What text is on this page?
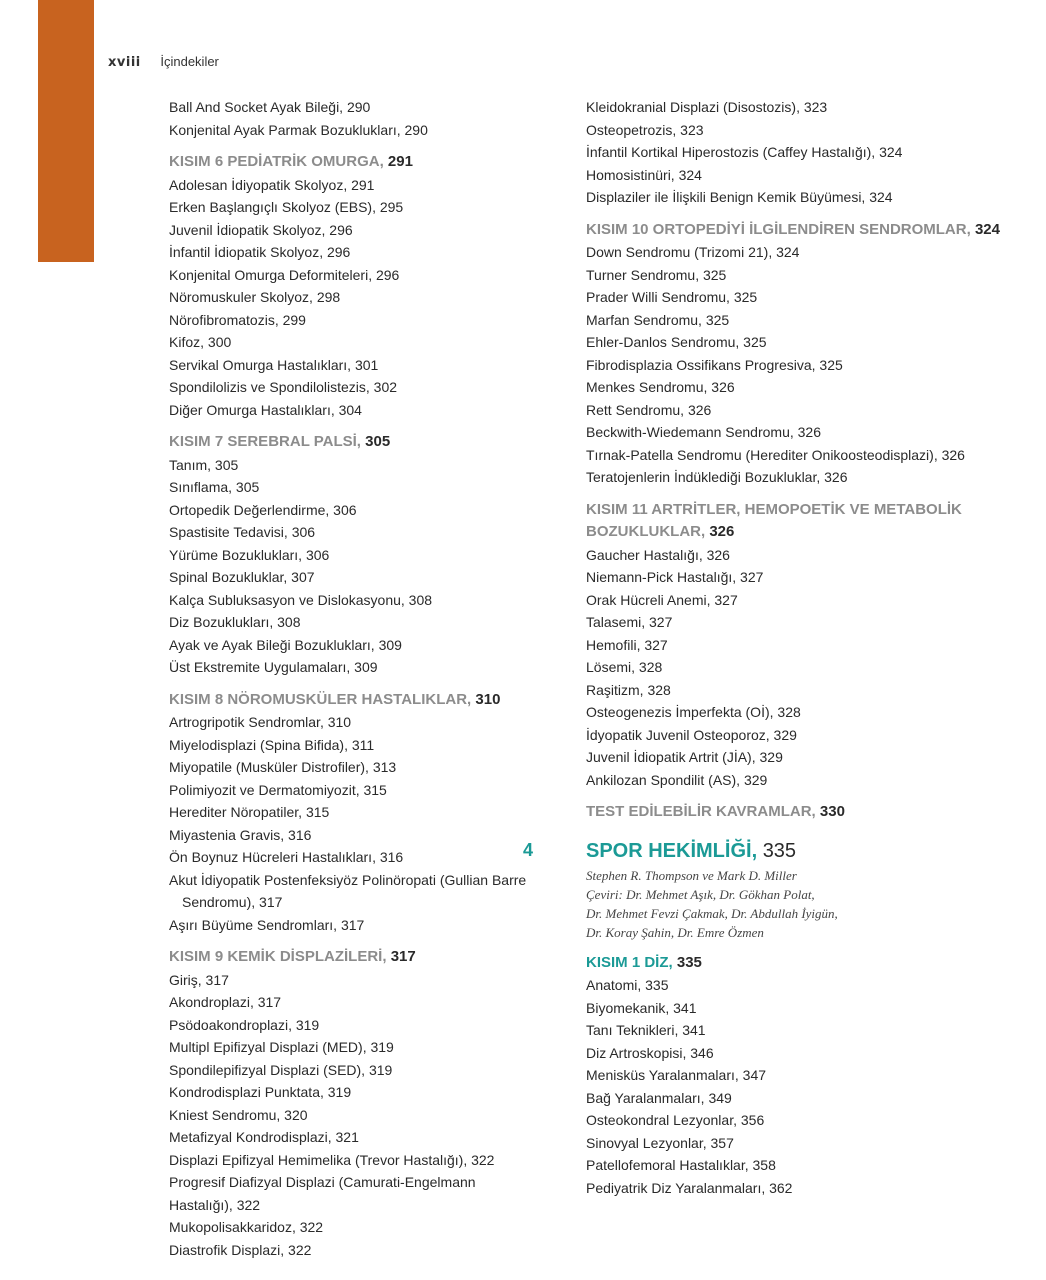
xviii İçindekiler
Ball And Socket Ayak Bileği, 290
Konjenital Ayak Parmak Bozuklukları, 290
KISIM 6 PEDİATRİK OMURGA, 291
Adolesan İdiyopatik Skolyoz, 291
Erken Başlangıçlı Skolyoz (EBS), 295
Juvenil İdiopatik Skolyoz, 296
İnfantil İdiopatik Skolyoz, 296
Konjenital Omurga Deformiteleri, 296
Nöromuskuler Skolyoz, 298
Nörofibromatozis, 299
Kifoz, 300
Servikal Omurga Hastalıkları, 301
Spondilolizis ve Spondilolistezis, 302
Diğer Omurga Hastalıkları, 304
KISIM 7 SEREBRAL PALSİ, 305
Tanım, 305
Sınıflama, 305
Ortopedik Değerlendirme, 306
Spastisite Tedavisi, 306
Yürüme Bozuklukları, 306
Spinal Bozukluklar, 307
Kalça Subluksasyon ve Dislokasyonu, 308
Diz Bozuklukları, 308
Ayak ve Ayak Bileği Bozuklukları, 309
Üst Ekstremite Uygulamaları, 309
KISIM 8 NÖROMUSKÜLER HASTALIKLAR, 310
Artrogripotik Sendromlar, 310
Miyelodisplazi (Spina Bifida), 311
Miyopatile (Musküler Distrofiler), 313
Polimiyozit ve Dermatomiyozit, 315
Herediter Nöropatiler, 315
Miyastenia Gravis, 316
Ön Boynuz Hücreleri Hastalıkları, 316
Akut İdiyopatik Postenfeksiyöz Polinöropati (Gullian Barre Sendromu), 317
Aşırı Büyüme Sendromları, 317
KISIM 9 KEMİK DİSPLAZİLERİ, 317
Giriş, 317
Akondroplazi, 317
Psödoakondroplazi, 319
Multipl Epifizyal Displazi (MED), 319
Spondilepifizyal Displazi (SED), 319
Kondrodisplazi Punktata, 319
Kniest Sendromu, 320
Metafizyal Kondrodisplazi, 321
Displazi Epifizyal Hemimelika (Trevor Hastalığı), 322
Progresif Diafizyal Displazi (Camurati-Engelmann
Hastalığı), 322
Mukopolisakkaridoz, 322
Diastrofik Displazi, 322
Kleidokranial Displazi (Disostozis), 323
Osteopetrozis, 323
İnfantil Kortikal Hiperostozis (Caffey Hastalığı), 324
Homosistinüri, 324
Displaziler ile İlişkili Benign Kemik Büyümesi, 324
KISIM 10 ORTOPEDİYİ İLGİLENDİREN SENDROMLAR, 324
Down Sendromu (Trizomi 21), 324
Turner Sendromu, 325
Prader Willi Sendromu, 325
Marfan Sendromu, 325
Ehler-Danlos Sendromu, 325
Fibrodisplazia Ossifikans Progresiva, 325
Menkes Sendromu, 326
Rett Sendromu, 326
Beckwith-Wiedemann Sendromu, 326
Tırnak-Patella Sendromu (Herediter Onikoosteodisplazi), 326
Teratojenlerin İndüklediği Bozukluklar, 326
KISIM 11 ARTRİTLER, HEMOPOETİK VE METABOLİK BOZUKLUKLAR, 326
Gaucher Hastalığı, 326
Niemann-Pick Hastalığı, 327
Orak Hücreli Anemi, 327
Talasemi, 327
Hemofili, 327
Lösemi, 328
Raşitizm, 328
Osteogenezis İmperfekta (Oİ), 328
İdyopatik Juvenil Osteoporoz, 329
Juvenil İdiopatik Artrit (JİA), 329
Ankilozan Spondilit (AS), 329
TEST EDİLEBİLİR KAVRAMLAR, 330
4	SPOR HEKİMLİĞİ, 335
Stephen R. Thompson ve Mark D. Miller
Çeviri: Dr. Mehmet Aşık, Dr. Gökhan Polat,
Dr. Mehmet Fevzi Çakmak, Dr. Abdullah İyigün,
Dr. Koray Şahin, Dr. Emre Özmen
KISIM 1 DİZ, 335
Anatomi, 335
Biyomekanik, 341
Tanı Teknikleri, 341
Diz Artroskopisi, 346
Menisküs Yaralanmaları, 347
Bağ Yaralanmaları, 349
Osteokondral Lezyonlar, 356
Sinovyal Lezyonlar, 357
Patellofemoral Hastalıklar, 358
Pediyatrik Diz Yaralanmaları, 362
